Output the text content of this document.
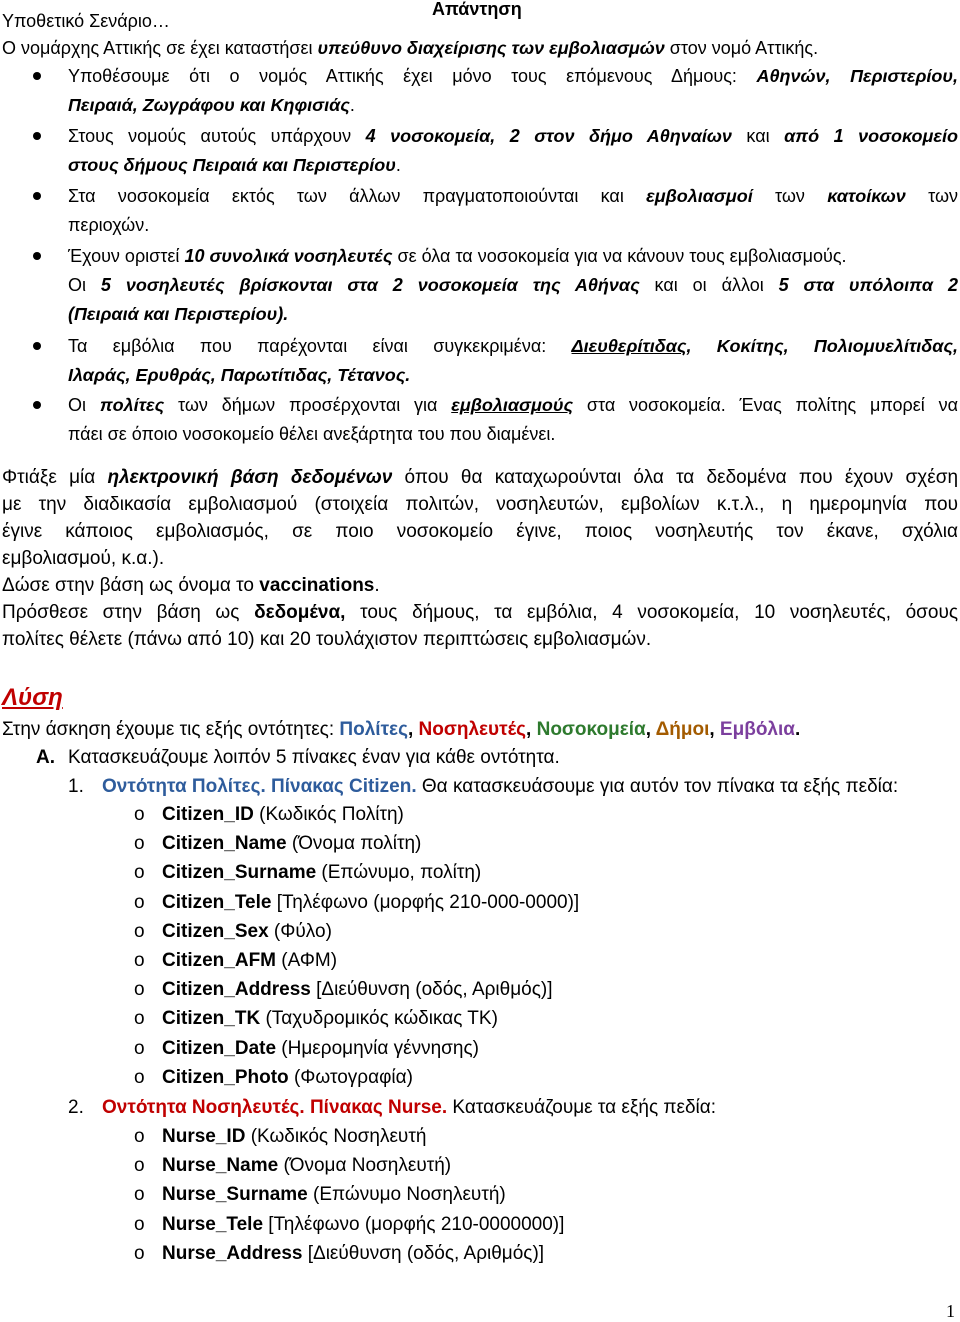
Απάντηση
Υποθετικό Σενάριο…
Ο νομάρχης Αττικής σε έχει καταστήσει υπεύθυνο διαχείρισης των εμβολιασμών στον νομό Αττικής.
Υποθέσουμε ότι ο νομός Αττικής έχει μόνο τους επόμενους Δήμους: Αθηνών, Περιστερίου,
Πειραιά, Ζωγράφου και Κηφισιάς.
Στους νομούς αυτούς υπάρχουν 4 νοσοκομεία, 2 στον δήμο Αθηναίων και από 1 νοσοκομείο
στους δήμους Πειραιά και Περιστερίου.
Στα νοσοκομεία εκτός των άλλων πραγματοποιούνται και εμβολιασμοί των κατοίκων των
περιοχών.
Έχουν οριστεί 10 συνολικά νοσηλευτές σε όλα τα νοσοκομεία για να κάνουν τους εμβολιασμούς.
Οι 5 νοσηλευτές βρίσκονται στα 2 νοσοκομεία της Αθήνας και οι άλλοι 5 στα υπόλοιπα 2
(Πειραιά και Περιστερίου).
Τα εμβόλια που παρέχονται είναι συγκεκριμένα: Διευθερίτιδας, Κοκίτης, Πολιομυελίτιδας,
Ιλαράς, Ερυθράς, Παρωτίτιδας, Τέτανος.
Οι πολίτες των δήμων προσέρχονται για εμβολιασμούς στα νοσοκομεία. Ένας πολίτης μπορεί να
πάει σε όποιο νοσοκομείο θέλει ανεξάρτητα του που διαμένει.
Φτιάξε μία ηλεκτρονική βάση δεδομένων όπου θα καταχωρούνται όλα τα δεδομένα που έχουν σχέση
με την διαδικασία εμβολιασμού (στοιχεία πολιτών, νοσηλευτών, εμβολίων κ.τ.λ., η ημερομηνία που
έγινε κάποιος εμβολιασμός, σε ποιο νοσοκομείο έγινε, ποιος νοσηλευτής τον έκανε, σχόλια
εμβολιασμού, κ.α.).
Δώσε στην βάση ως όνομα το vaccinations.
Πρόσθεσε στην βάση ως δεδομένα, τους δήμους, τα εμβόλια, 4 νοσοκομεία, 10 νοσηλευτές, όσους
πολίτες θέλετε (πάνω από 10) και 20 τουλάχιστον περιπτώσεις εμβολιασμών.
Λύση
Στην άσκηση έχουμε τις εξής οντότητες: Πολίτες, Νοσηλευτές, Νοσοκομεία, Δήμοι, Εμβόλια.
Α. Κατασκευάζουμε λοιπόν 5 πίνακες έναν για κάθε οντότητα.
1. Οντότητα Πολίτες. Πίνακας Citizen. Θα κατασκευάσουμε για αυτόν τον πίνακα τα εξής πεδία:
o Citizen_ID (Κωδικός Πολίτη)
o Citizen_Name (Όνομα πολίτη)
o Citizen_Surname (Επώνυμο, πολίτη)
o Citizen_Tele [Τηλέφωνο (μορφής 210-000-0000)]
o Citizen_Sex (Φύλο)
o Citizen_AFM (ΑΦΜ)
o Citizen_Address [Διεύθυνση (οδός, Αριθμός)]
o Citizen_TK (Ταχυδρομικός κώδικας ΤΚ)
o Citizen_Date (Ημερομηνία γέννησης)
o Citizen_Photo (Φωτογραφία)
2. Οντότητα Νοσηλευτές. Πίνακας Nurse. Κατασκευάζουμε τα εξής πεδία:
o Nurse_ID (Κωδικός Νοσηλευτή
o Nurse_Name (Όνομα Νοσηλευτή)
o Nurse_Surname (Επώνυμο Νοσηλευτή)
o Nurse_Tele [Τηλέφωνο (μορφής 210-0000000)]
o Nurse_Address [Διεύθυνση (οδός, Αριθμός)]
1
